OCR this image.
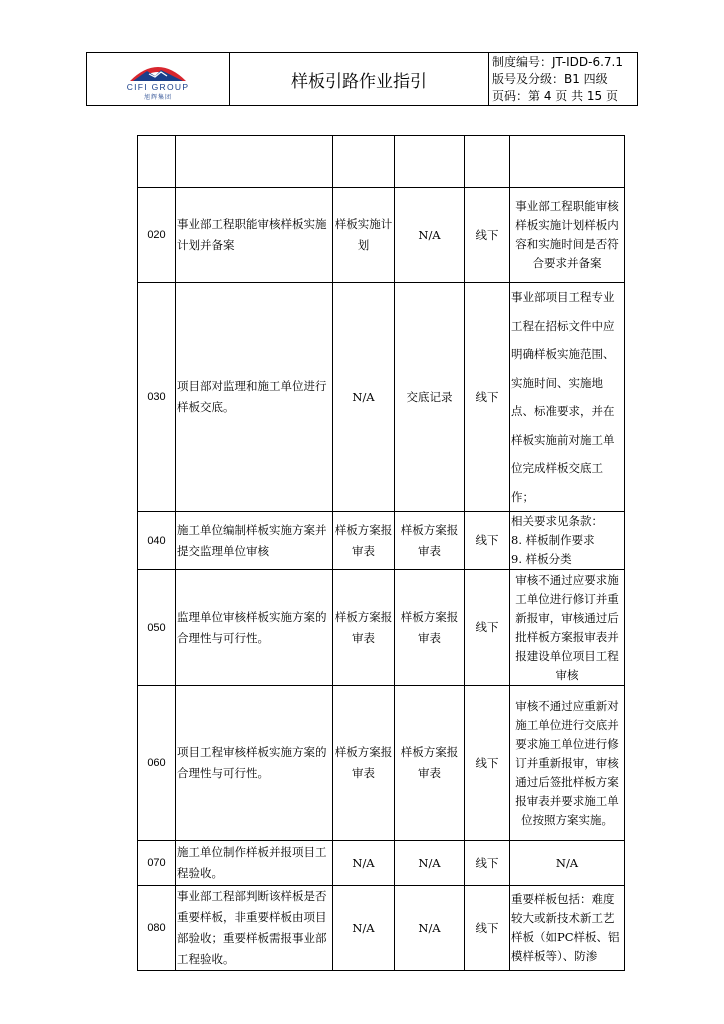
CIFI GROUP
旭辉集团
样板引路作业指引
制度编号：JT-IDD-6.7.1
版号及分级：B1 四级
页码：第 4 页 共 15 页

020	事业部工程职能审核样板实施计划并备案	样板实施计划	N/A	线下	事业部工程职能审核样板实施计划样板内容和实施时间是否符合要求并备案
030	项目部对监理和施工单位进行样板交底。	N/A	交底记录	线下	事业部项目工程专业工程在招标文件中应明确样板实施范围、实施时间、实施地点、标准要求，并在样板实施前对施工单位完成样板交底工作；
040	施工单位编制样板实施方案并提交监理单位审核	样板方案报审表	样板方案报审表	线下	相关要求见条款：
8. 样板制作要求
9. 样板分类

050	监理单位审核样板实施方案的合理性与可行性。	样板方案报审表	样板方案报审表	线下	审核不通过应要求施工单位进行修订并重新报审，审核通过后批样板方案报审表并报建设单位项目工程审核
060	项目工程审核样板实施方案的合理性与可行性。	样板方案报审表	样板方案报审表	线下	审核不通过应重新对施工单位进行交底并要求施工单位进行修订并重新报审，审核通过后签批样板方案报审表并要求施工单位按照方案实施。
070	施工单位制作样板并报项目工程验收。	N/A	N/A	线下	N/A
080	事业部工程部判断该样板是否重要样板，非重要样板由项目部验收；重要样板需报事业部工程验收。	N/A	N/A	线下	重要样板包括：难度较大或新技术新工艺样板（如PC样板、铝模样板等）、防渗
